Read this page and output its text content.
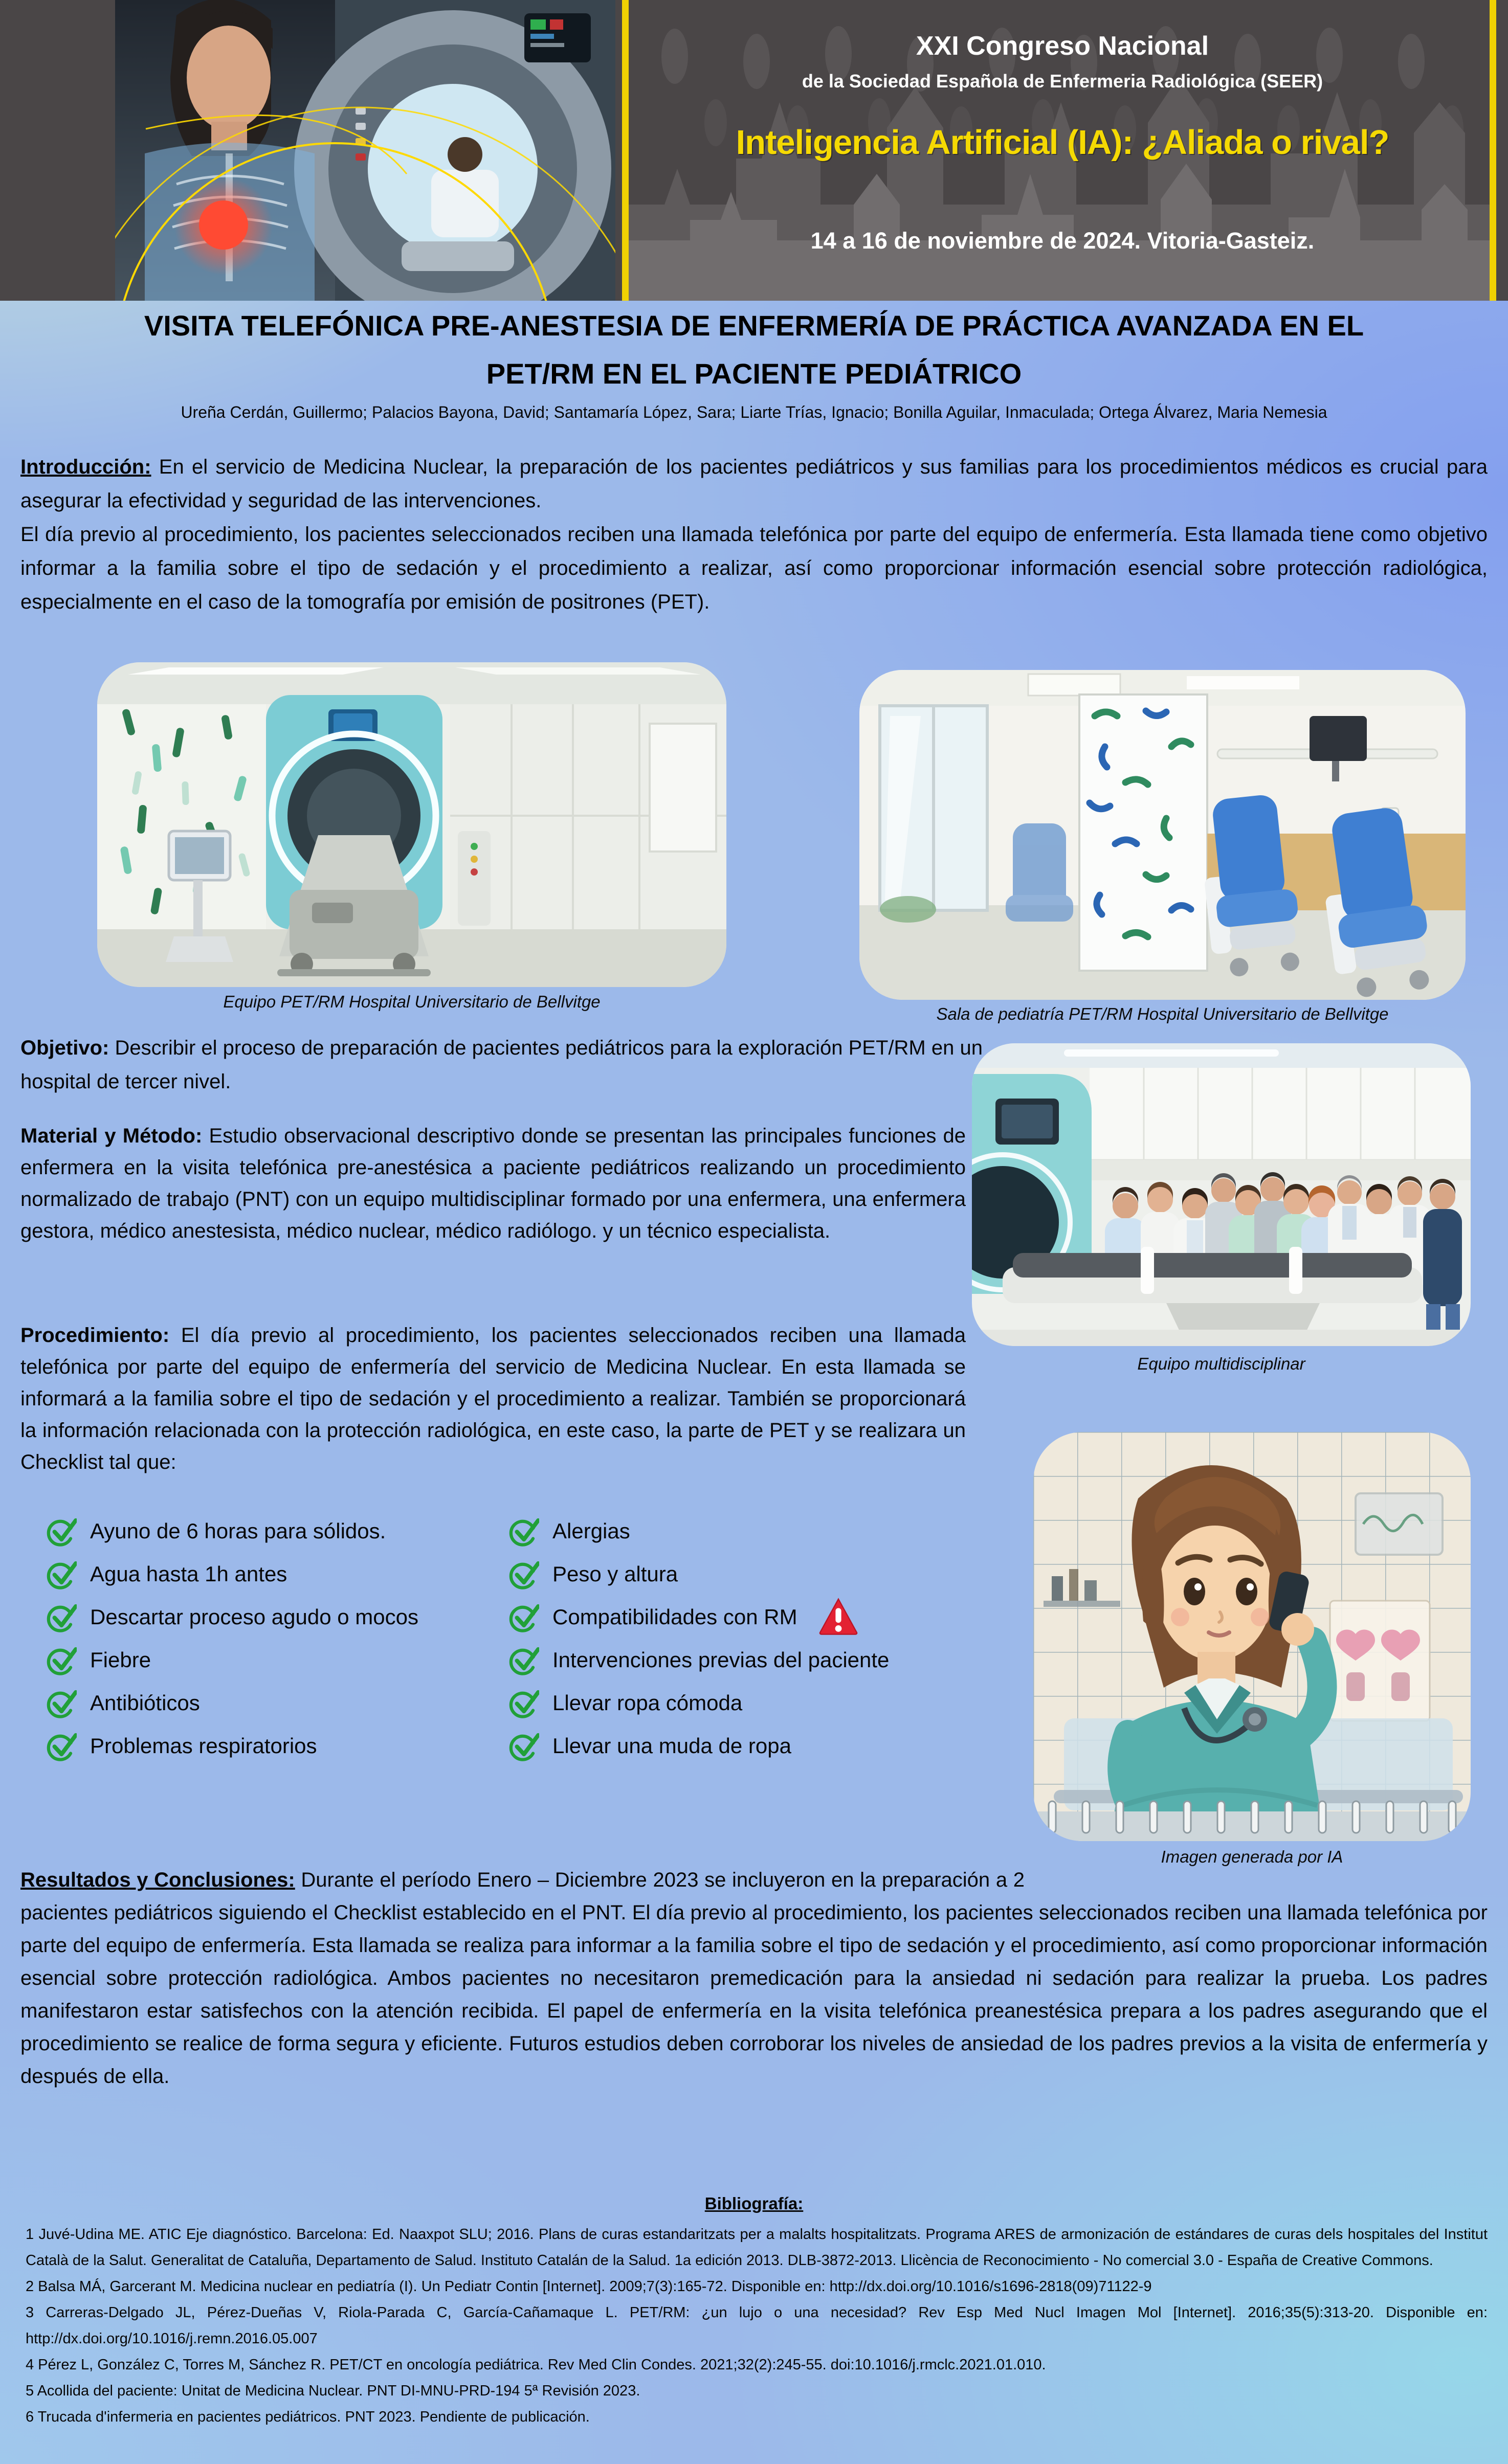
XXI Congreso Nacional
de la Sociedad Española de Enfermeria Radiológica (SEER)
Inteligencia Artificial (IA): ¿Aliada o rival?
14 a 16 de noviembre de 2024. Vitoria-Gasteiz.
VISITA TELEFÓNICA PRE-ANESTESIA DE ENFERMERÍA DE PRÁCTICA AVANZADA EN EL
PET/RM EN EL PACIENTE PEDIÁTRICO
Ureña Cerdán, Guillermo; Palacios Bayona, David; Santamaría López, Sara; Liarte Trías, Ignacio; Bonilla Aguilar, Inmaculada; Ortega Álvarez, Maria Nemesia
Introducción: En el servicio de Medicina Nuclear, la preparación de los pacientes pediátricos y sus familias para los procedimientos médicos es crucial para asegurar la efectividad y seguridad de las intervenciones.
El día previo al procedimiento, los pacientes seleccionados reciben una llamada telefónica por parte del equipo de enfermería. Esta llamada tiene como objetivo informar a la familia sobre el tipo de sedación y el procedimiento a realizar, así como proporcionar información esencial sobre protección radiológica, especialmente en el caso de la tomografía por emisión de positrones (PET).
Equipo PET/RM Hospital Universitario de Bellvitge
Sala de pediatría PET/RM Hospital Universitario de Bellvitge
Objetivo: Describir el proceso de preparación de pacientes pediátricos para la exploración PET/RM en un hospital de tercer nivel.
Material y Método: Estudio observacional descriptivo donde se presentan las principales funciones de enfermera en la visita telefónica pre-anestésica a paciente pediátricos realizando un procedimiento normalizado de trabajo (PNT) con un equipo multidisciplinar formado por una enfermera, una enfermera gestora, médico anestesista, médico nuclear, médico radiólogo. y un técnico especialista.
Equipo multidisciplinar
Procedimiento: El día previo al procedimiento, los pacientes seleccionados reciben una llamada telefónica por parte del equipo de enfermería del servicio de Medicina Nuclear. En esta llamada se informará a la familia sobre el tipo de sedación y el procedimiento a realizar. También se proporcionará la información relacionada con la protección radiológica, en este caso, la parte de PET y se realizara un Checklist tal que:
Ayuno de 6 horas para sólidos.
Agua hasta 1h antes
Descartar proceso agudo o mocos
Fiebre
Antibióticos
Problemas respiratorios
Alergias
Peso y altura
Compatibilidades con RM
Intervenciones previas del paciente
Llevar ropa cómoda
Llevar una muda de ropa
Imagen generada por IA
Resultados y Conclusiones: Durante el período Enero – Diciembre 2023 se incluyeron en la preparación a 2 pacientes pediátricos siguiendo el Checklist establecido en el PNT. El día previo al procedimiento, los pacientes seleccionados reciben una llamada telefónica por parte del equipo de enfermería. Esta llamada se realiza para informar a la familia sobre el tipo de sedación y el procedimiento, así como proporcionar información esencial sobre protección radiológica. Ambos pacientes no necesitaron premedicación para la ansiedad ni sedación para realizar la prueba. Los padres manifestaron estar satisfechos con la atención recibida. El papel de enfermería en la visita telefónica preanestésica prepara a los padres asegurando que el procedimiento se realice de forma segura y eficiente. Futuros estudios deben corroborar los niveles de ansiedad de los padres previos a la visita de enfermería y después de ella.
Bibliografía:
1 Juvé-Udina ME. ATIC Eje diagnóstico. Barcelona: Ed. Naaxpot SLU; 2016. Plans de curas estandaritzats per a malalts hospitalitzats. Programa ARES de armonización de estándares de curas dels hospitales del Institut Català de la Salut. Generalitat de Cataluña, Departamento de Salud. Instituto Catalán de la Salud. 1a edición 2013. DLB-3872-2013. Llicència de Reconocimiento - No comercial 3.0 - España de Creative Commons.
2 Balsa MÁ, Garcerant M. Medicina nuclear en pediatría (I). Un Pediatr Contin [Internet]. 2009;7(3):165-72. Disponible en: http://dx.doi.org/10.1016/s1696-2818(09)71122-9
3 Carreras-Delgado JL, Pérez-Dueñas V, Riola-Parada C, García-Cañamaque L. PET/RM: ¿un lujo o una necesidad? Rev Esp Med Nucl Imagen Mol [Internet]. 2016;35(5):313-20. Disponible en: http://dx.doi.org/10.1016/j.remn.2016.05.007
4 Pérez L, González C, Torres M, Sánchez R. PET/CT en oncología pediátrica. Rev Med Clin Condes. 2021;32(2):245-55. doi:10.1016/j.rmclc.2021.01.010.
5 Acollida del paciente: Unitat de Medicina Nuclear. PNT DI-MNU-PRD-194 5ª Revisión 2023.
6 Trucada d'infermeria en pacientes pediátricos. PNT 2023. Pendiente de publicación.
